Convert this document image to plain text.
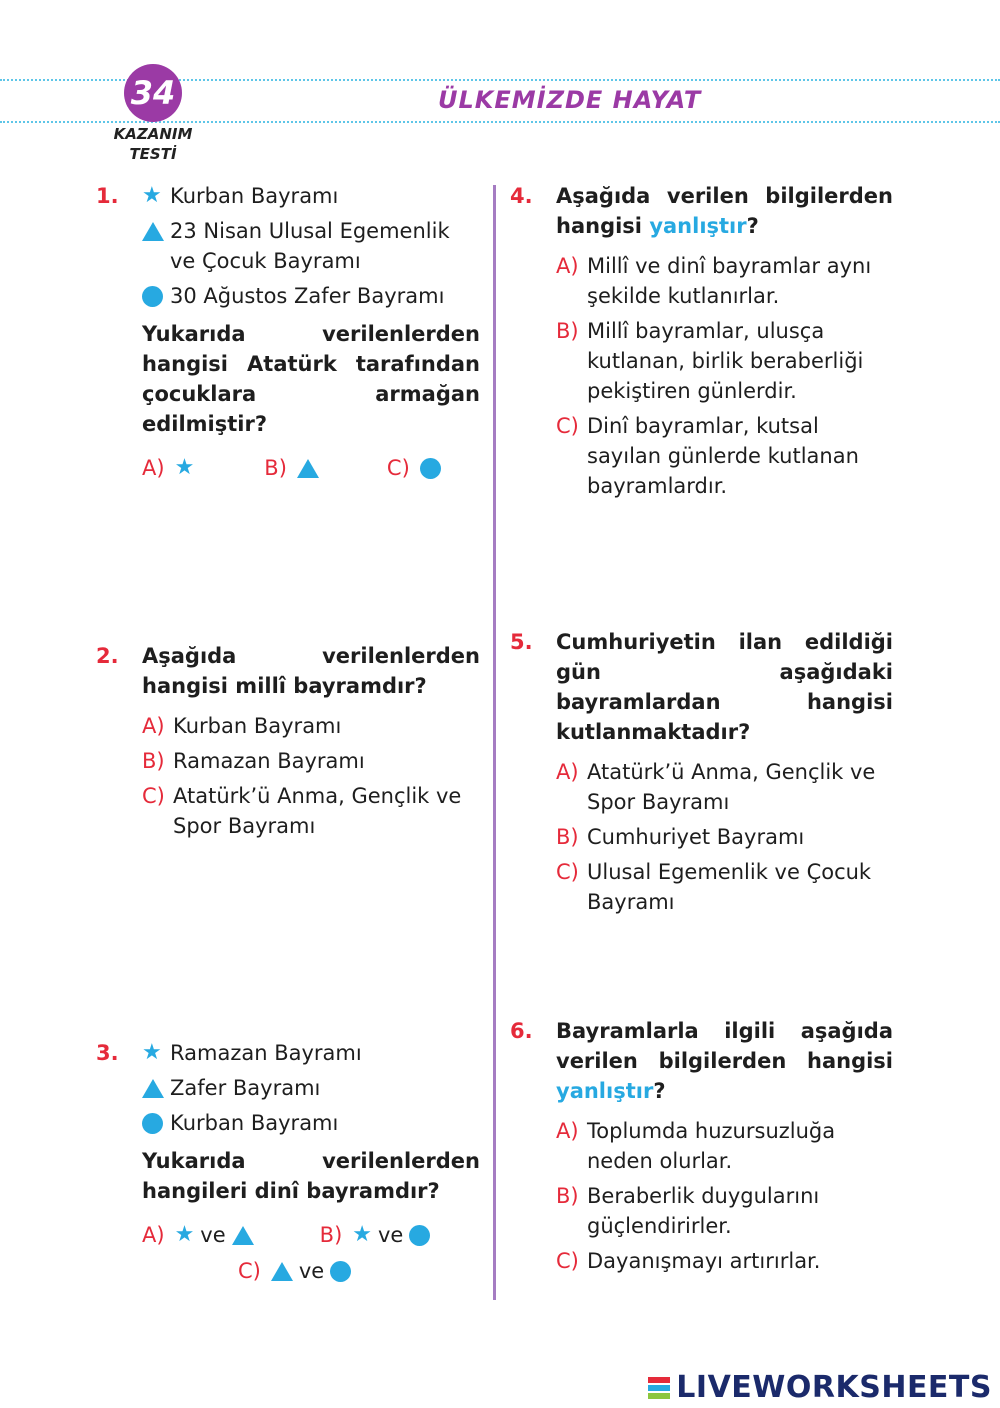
34
KAZANIM
TESTİ
ÜLKEMİZDE HAYAT
1. ★ Kurban Bayramı
23 Nisan Ulusal Egemenlik ve Çocuk Bayramı
30 Ağustos Zafer Bayramı
Yukarıda verilenlerden hangisi Atatürk tarafından çocuklara armağan edilmiştir?
A) ★	B)	C)
2. Aşağıda verilenlerden hangisi millî bayramdır?
A) Kurban Bayramı
B) Ramazan Bayramı
C) Atatürk’ü Anma, Gençlik ve Spor Bayramı
3. ★ Ramazan Bayramı
Zafer Bayramı
Kurban Bayramı
Yukarıda verilenlerden hangileri dinî bayramdır?
A) ★ ve	B) ★ ve
C) ve
4. Aşağıda verilen bilgilerden hangisi yanlıştır?
A) Millî ve dinî bayramlar aynı şekilde kutlanırlar.
B) Millî bayramlar, ulusça kutlanan, birlik beraberliği pekiştiren günlerdir.
C) Dinî bayramlar, kutsal sayılan günlerde kutlanan bayramlardır.
5. Cumhuriyetin ilan edildiği gün aşağıdaki bayramlardan hangisi kutlanmaktadır?
A) Atatürk’ü Anma, Gençlik ve Spor Bayramı
B) Cumhuriyet Bayramı
C) Ulusal Egemenlik ve Çocuk Bayramı
6. Bayramlarla ilgili aşağıda verilen bilgilerden hangisi yanlıştır?
A) Toplumda huzursuzluğa neden olurlar.
B) Beraberlik duygularını güçlendirirler.
C) Dayanışmayı artırırlar.
LIVEWORKSHEETS
